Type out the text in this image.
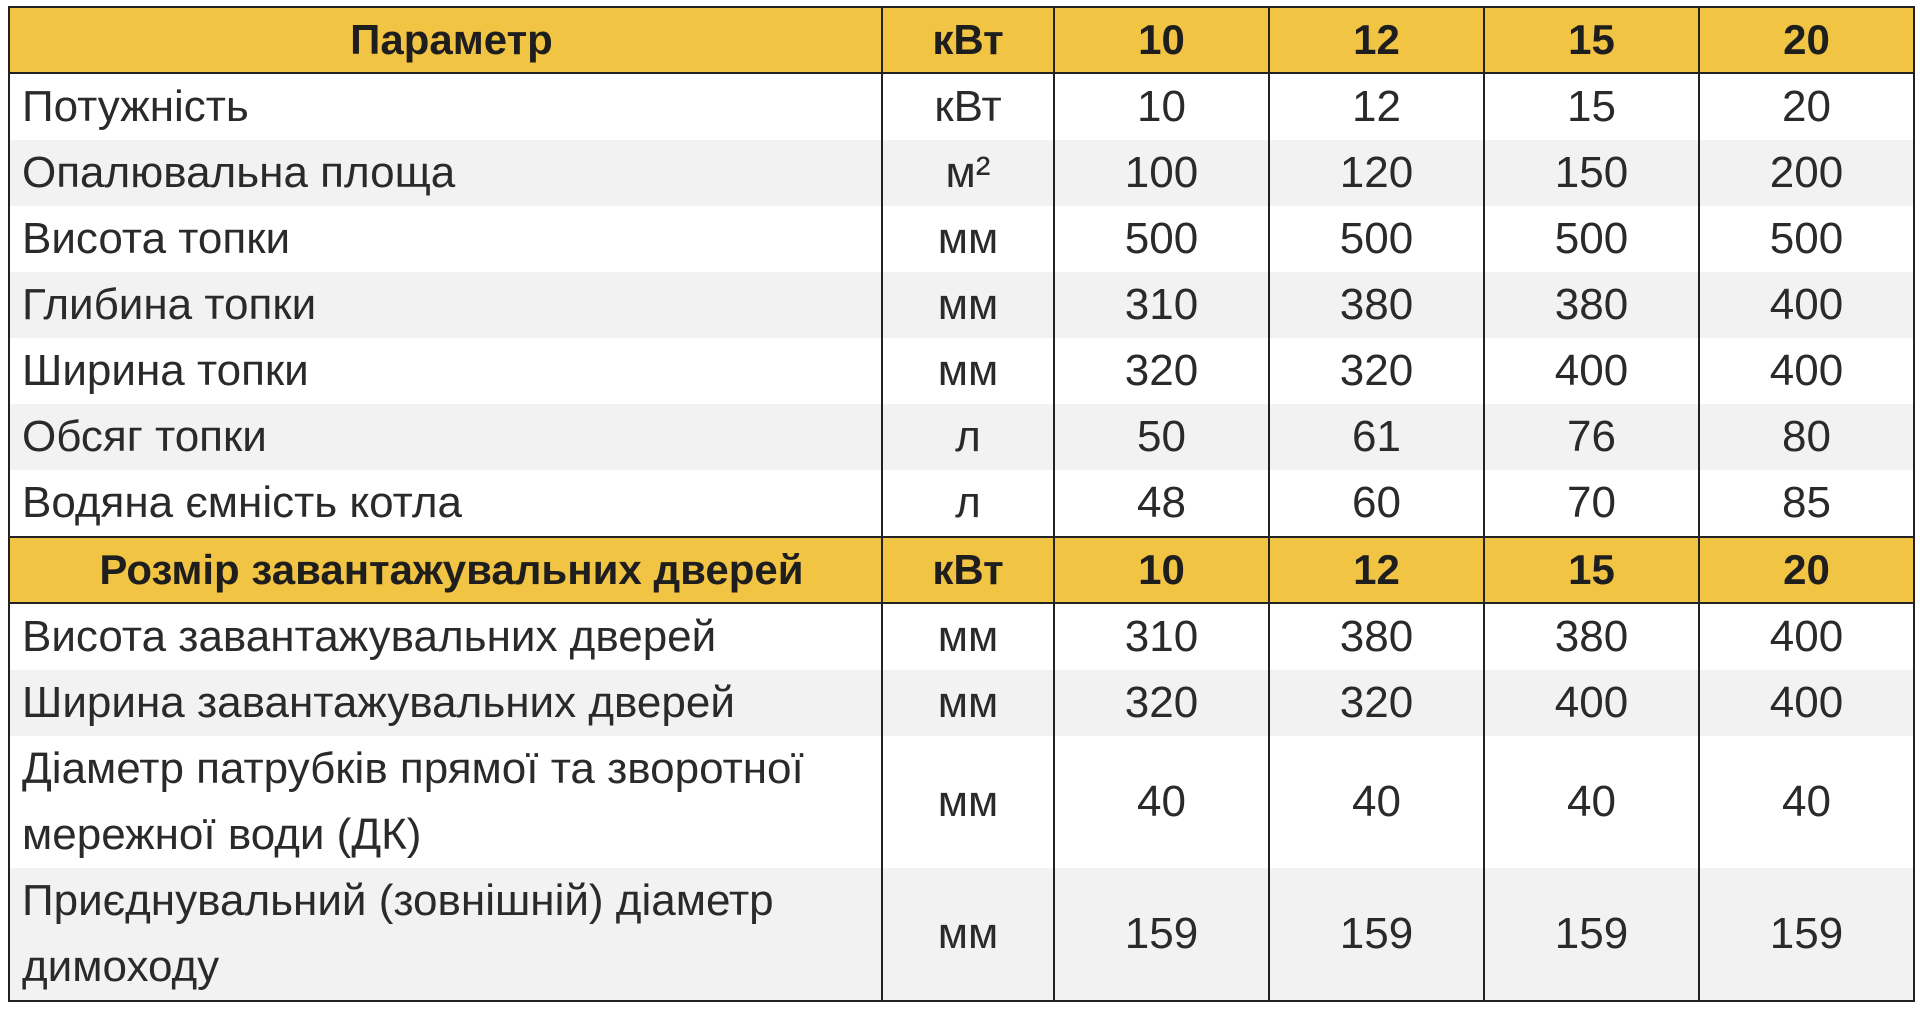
Параметр	кВт	10	12	15	20
Потужність	кВт	10	12	15	20
Опалювальна площа	м²	100	120	150	200
Висота топки	мм	500	500	500	500
Глибина топки	мм	310	380	380	400
Ширина топки	мм	320	320	400	400
Обсяг топки	л	50	61	76	80
Водяна ємність котла	л	48	60	70	85
Розмір завантажувальних дверей	кВт	10	12	15	20
Висота завантажувальних дверей	мм	310	380	380	400
Ширина завантажувальних дверей	мм	320	320	400	400
Діаметр патрубків прямої та зворотної мережної води (ДК)	мм	40	40	40	40
Приєднувальний (зовнішній) діаметр димоходу	мм	159	159	159	159
